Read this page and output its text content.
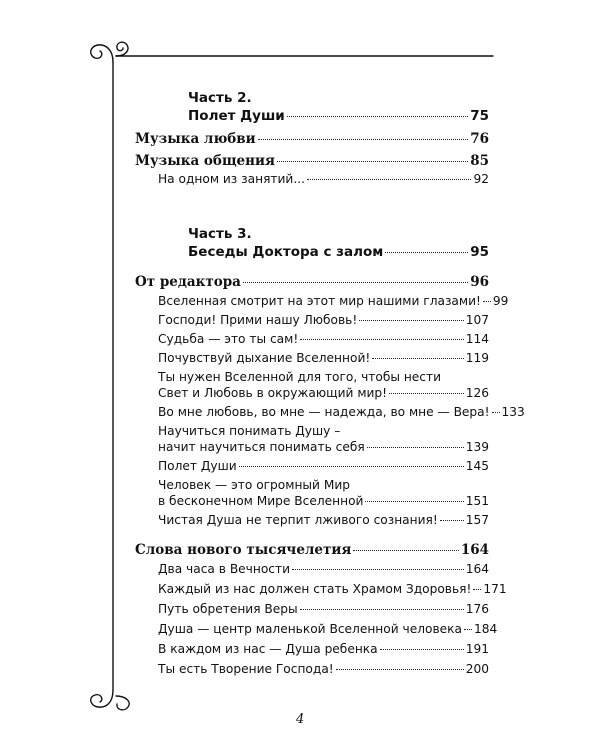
Часть 2.
Полет Души	75
Музыка любви	76
Музыка общения	85
На одном из занятий...	92
Часть 3.
Беседы Доктора с залом	95
От редактора	96
Вселенная смотрит на этот мир нашими глазами! 99
Господи! Прими нашу Любовь!	107
Судьба — это ты сам!	114
Почувствуй дыхание Вселенной!	119
Ты нужен Вселенной для того, чтобы нести
Свет и Любовь в окружающий мир!	126
Во мне любовь, во мне — надежда, во мне — Вера! 133
Научиться понимать Душу –
начит научиться понимать себя	139
Полет Души	145
Человек — это огромный Мир
в бесконечном Мире Вселенной	151
Чистая Душа не терпит лживого сознания! 157
Слова нового тысячелетия	164
Два часа в Вечности	164
Каждый из нас должен стать Храмом Здоровья! 171
Путь обретения Веры	176
Душа — центр маленькой Вселенной человека 184
В каждом из нас — Душа ребенка	191
Ты есть Творение Господа!	200
4
